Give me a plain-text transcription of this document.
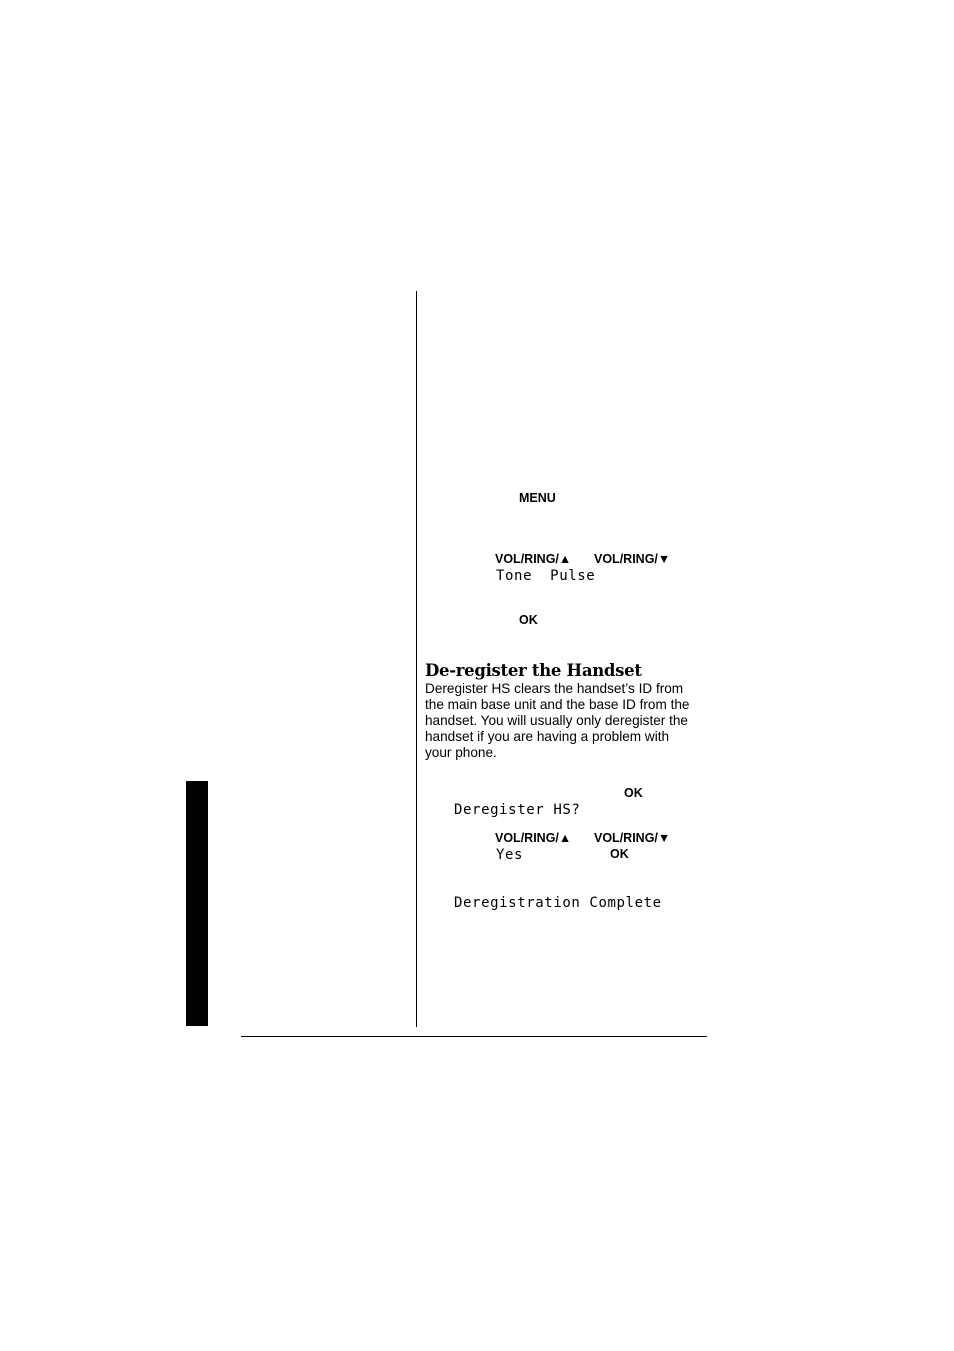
MENU
VOL/RING/▲ VOL/RING/▼
Tone  Pulse
OK
De-register the Handset
Deregister HS clears the handset’s ID from
the main base unit and the base ID from the
handset. You will usually only deregister the
handset if you are having a problem with
your phone.
OK
Deregister HS?
VOL/RING/▲ VOL/RING/▼
Yes	OK
Deregistration Complete
